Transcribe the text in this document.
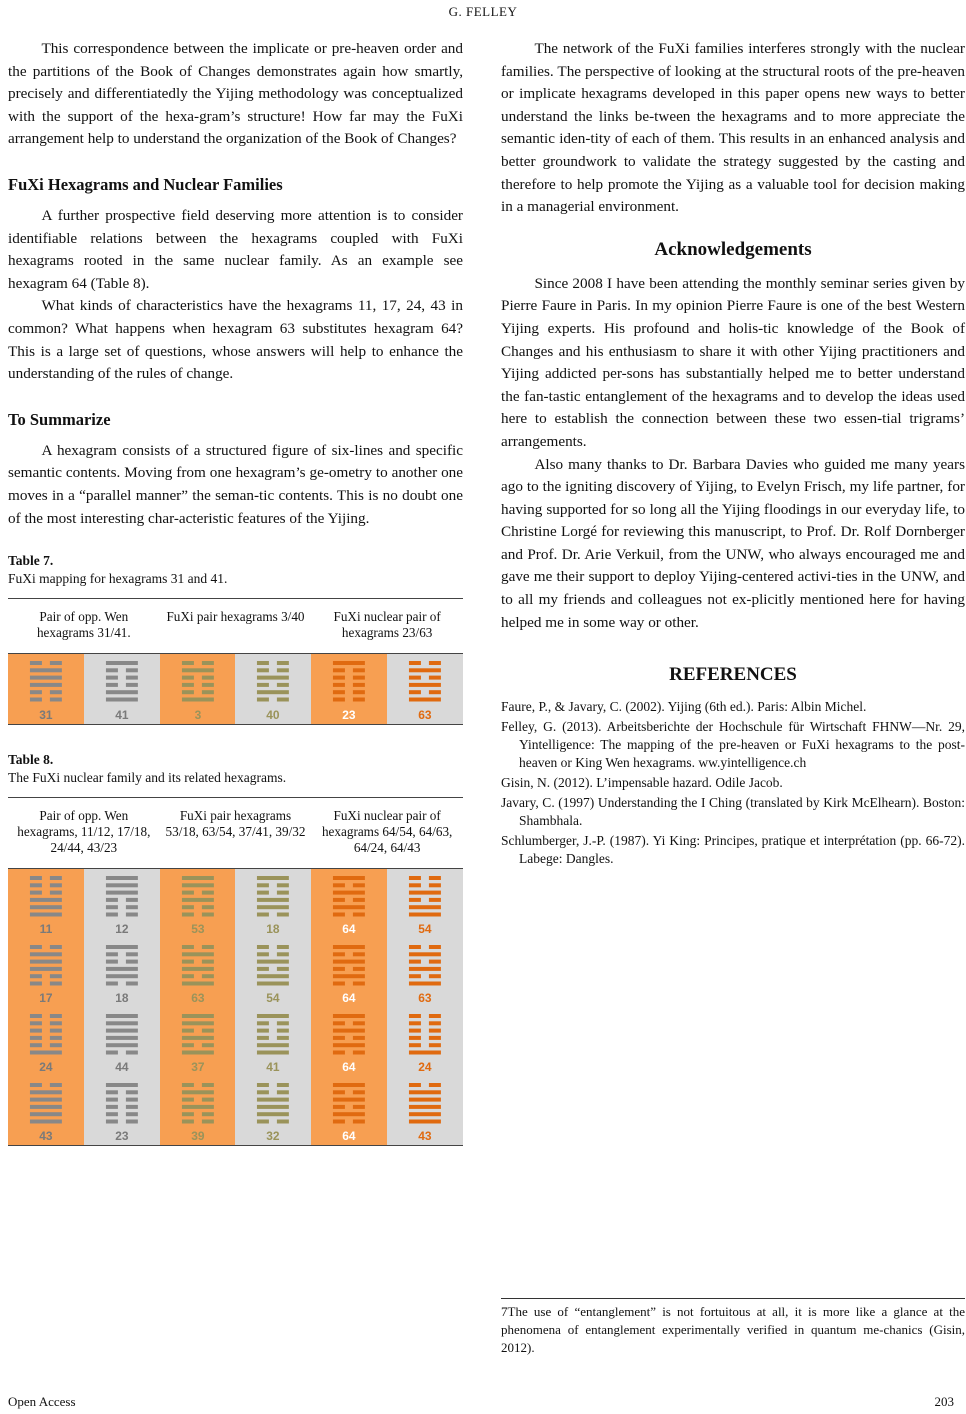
G. FELLEY

This correspondence between the implicate or pre-heaven order and the partitions of the Book of Changes demonstrates again how smartly, precisely and differentiatedly the Yijing methodology was conceptualized with the support of the hexa-gram’s structure! How far may the FuXi arrangement help to understand the organization of the Book of Changes?

FuXi Hexagrams and Nuclear Families

A further prospective field deserving more attention is to consider identifiable relations between the hexagrams coupled with FuXi hexagrams rooted in the same nuclear family. As an example see hexagram 64 (Table 8).

What kinds of characteristics have the hexagrams 11, 17, 24, 43 in common? What happens when hexagram 63 substitutes hexagram 64? This is a large set of questions, whose answers will help to enhance the understanding of the rules of change.

To Summarize

A hexagram consists of a structured figure of six-lines and specific semantic contents. Moving from one hexagram’s ge-ometry to another one moves in a “parallel manner” the seman-tic contents. This is no doubt one of the most interesting char-acteristic features of the Yijing.

Table 7.
FuXi mapping for hexagrams 31 and 41.
Pair of opp. Wen hexagrams 31/41.		FuXi pair hexagrams 3/40		FuXi nuclear pair of hexagrams 23/63	

31	41	3	40	23	63
Table 8.
The FuXi nuclear family and its related hexagrams.
Pair of opp. Wen hexagrams, 11/12, 17/18, 24/44, 43/23		FuXi pair hexagrams 53/18, 63/54, 37/41, 39/32		FuXi nuclear pair of hexagrams 64/54, 64/63, 64/24, 64/43	

11	12	53	18	64	54

17	18	63	54	64	63

24	44	37	41	64	24

43	23	39	32	64	43

The network of the FuXi families interferes strongly with the nuclear families. The perspective of looking at the structural roots of the pre-heaven or implicate hexagrams developed in this paper opens new ways to better understand the links be-tween the hexagrams and to more appreciate the semantic iden-tity of each of them. This results in an enhanced analysis and better groundwork to validate the strategy suggested by the casting and therefore to help promote the Yijing as a valuable tool for decision making in a managerial environment.

Acknowledgements

Since 2008 I have been attending the monthly seminar series given by Pierre Faure in Paris. In my opinion Pierre Faure is one of the best Western Yijing experts. His profound and holis-tic knowledge of the Book of Changes and his enthusiasm to share it with other Yijing practitioners and Yijing addicted per-sons has substantially helped me to better understand the fan-tastic entanglement of the hexagrams and to develop the ideas used here to establish the connection between these two essen-tial trigrams’ arrangements.

Also many thanks to Dr. Barbara Davies who guided me many years ago to the igniting discovery of Yijing, to Evelyn Frisch, my life partner, for having supported for so long all the Yijing floodings in our everyday life, to Christine Lorgé for reviewing this manuscript, to Prof. Dr. Rolf Dornberger and Prof. Dr. Arie Verkuil, from the UNW, who always encouraged me and gave me their support to deploy Yijing-centered activi-ties in the UNW, and to all my friends and colleagues not ex-plicitly mentioned here for having helped me in some way or other.

REFERENCES

Faure, P., & Javary, C. (2002). Yijing (6th ed.). Paris: Albin Michel.

Felley, G. (2013). Arbeitsberichte der Hochschule für Wirtschaft FHNW—Nr. 29, Yintelligence: The mapping of the pre-heaven or FuXi hexagrams to the post-heaven or King Wen hexagrams. ww.yintelligence.ch

Gisin, N. (2012). L’impensable hazard. Odile Jacob.

Javary, C. (1997) Understanding the I Ching (translated by Kirk McElhearn). Boston: Shambhala.

Schlumberger, J.-P. (1987). Yi King: Principes, pratique et interprétation (pp. 66-72). Labege: Dangles.

7The use of “entanglement” is not fortuitous at all, it is more like a glance at the phenomena of entanglement experimentally verified in quantum me-chanics (Gisin, 2012).
Open Access	203
